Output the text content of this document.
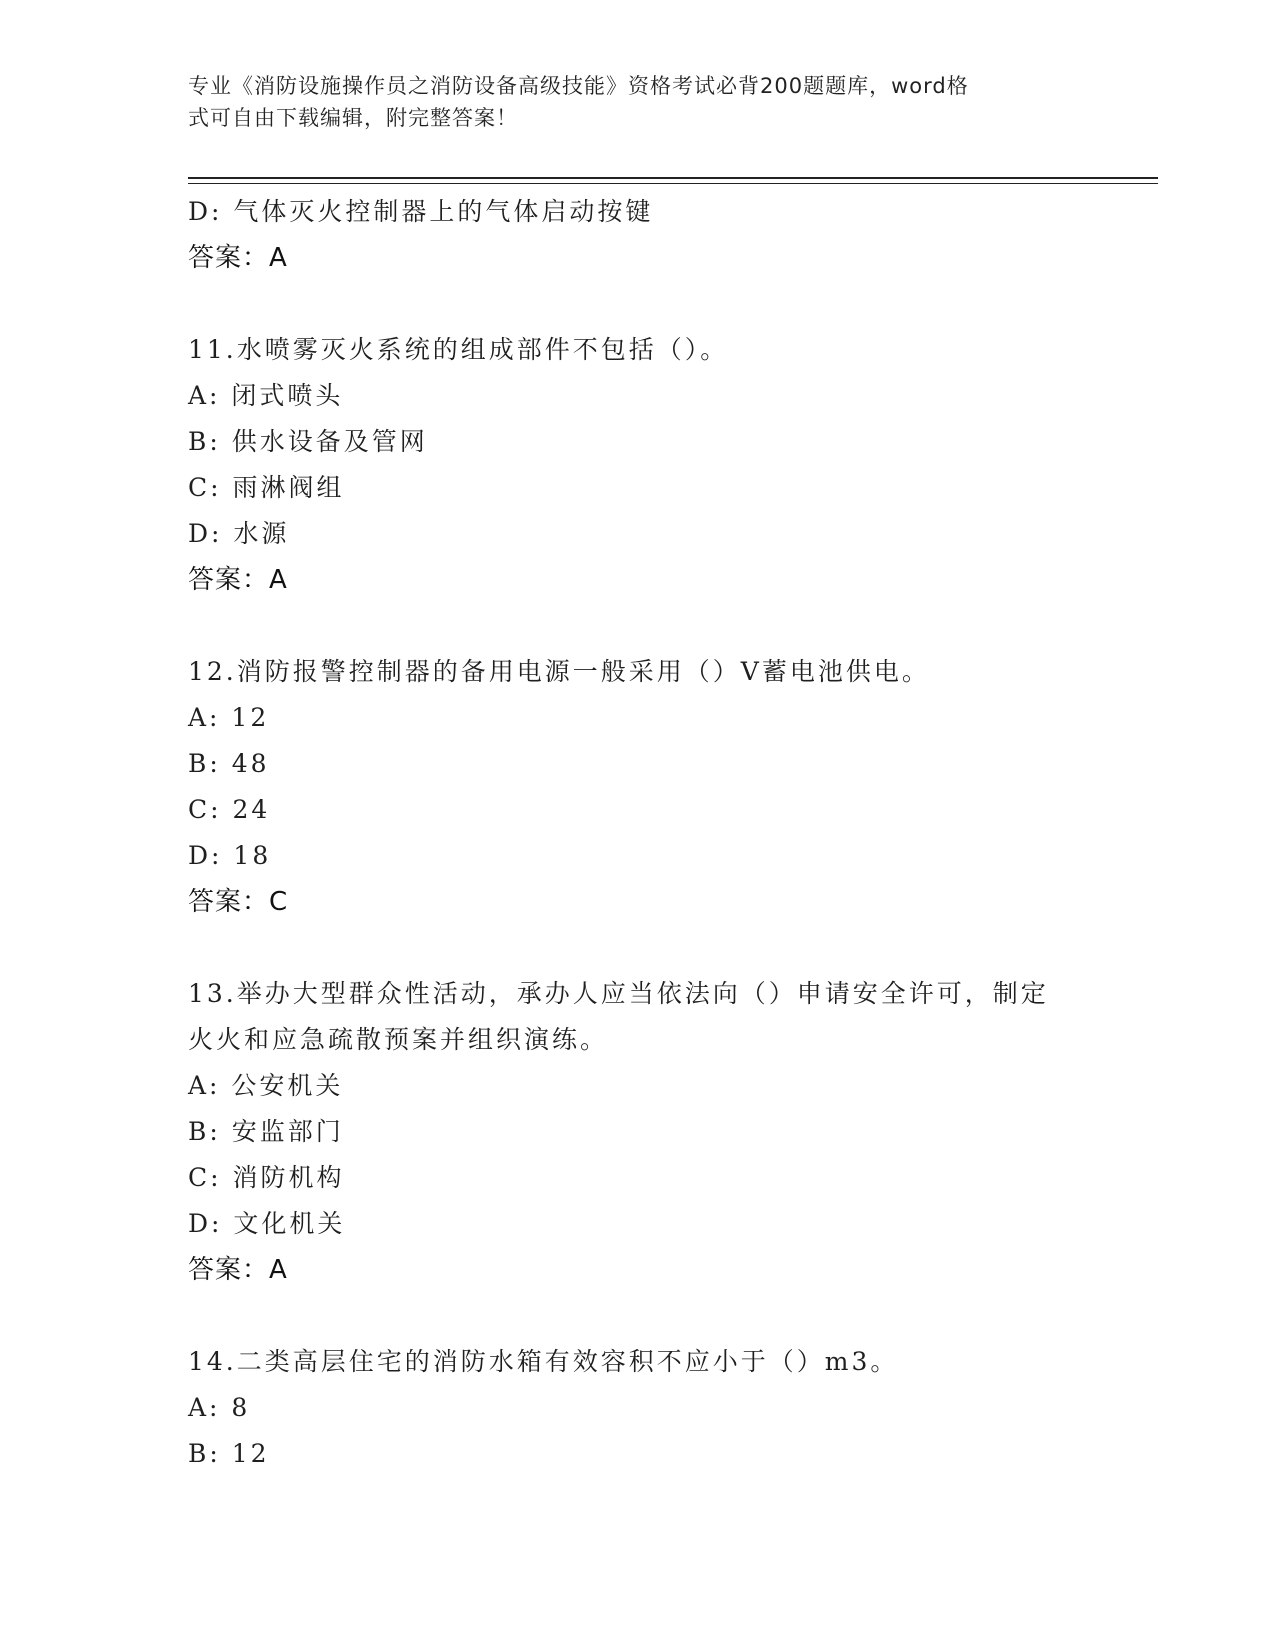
专业《消防设施操作员之消防设备高级技能》资格考试必背200题题库，word格
式可自由下载编辑，附完整答案！
D: 气体灭火控制器上的气体启动按键
答案：A
11.水喷雾灭火系统的组成部件不包括（）。
A: 闭式喷头
B: 供水设备及管网
C: 雨淋阀组
D: 水源
答案：A
12.消防报警控制器的备用电源一般采用（）V蓄电池供电。
A: 12
B: 48
C: 24
D: 18
答案：C
13.举办大型群众性活动，承办人应当依法向（）申请安全许可，制定
火火和应急疏散预案并组织演练。
A: 公安机关
B: 安监部门
C: 消防机构
D: 文化机关
答案：A
14.二类高层住宅的消防水箱有效容积不应小于（）m3。
A: 8
B: 12
